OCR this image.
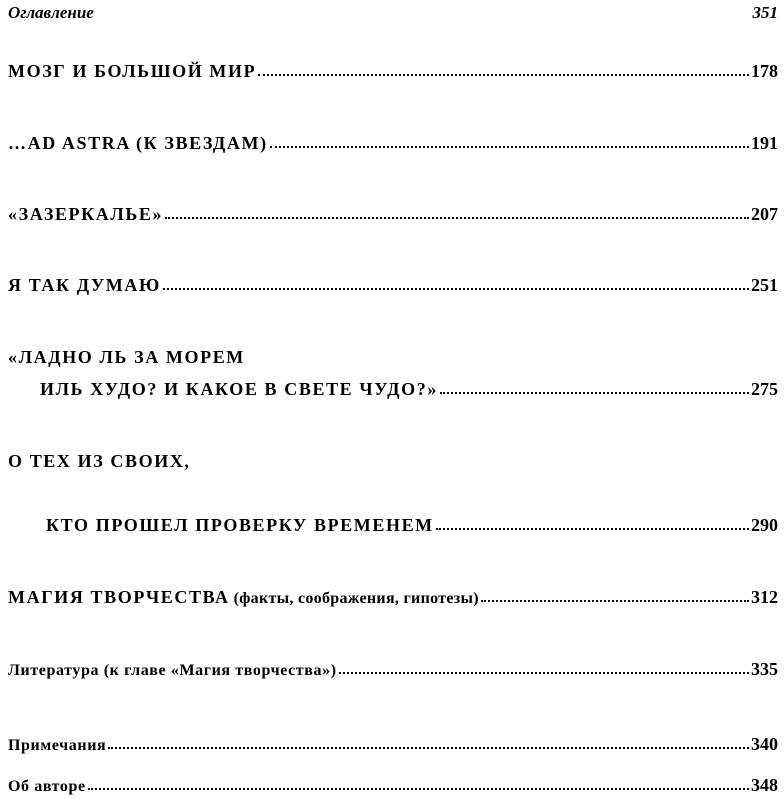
Оглавление	351
МОЗГ И БОЛЬШОЙ МИР	178
…AD ASTRA (К ЗВЕЗДАМ)	191
«ЗАЗЕРКАЛЬЕ»	207
Я ТАК ДУМАЮ	251
«ЛАДНО ЛЬ ЗА МОРЕМ
ИЛЬ ХУДО? И КАКОЕ В СВЕТЕ ЧУДО?»	275
О ТЕХ ИЗ СВОИХ,
КТО ПРОШЕЛ ПРОВЕРКУ ВРЕМЕНЕМ	290
МАГИЯ ТВОРЧЕСТВА (факты, соображения, гипотезы)	312
Литература (к главе «Магия творчества»)	335
Примечания	340
Об авторе	348
